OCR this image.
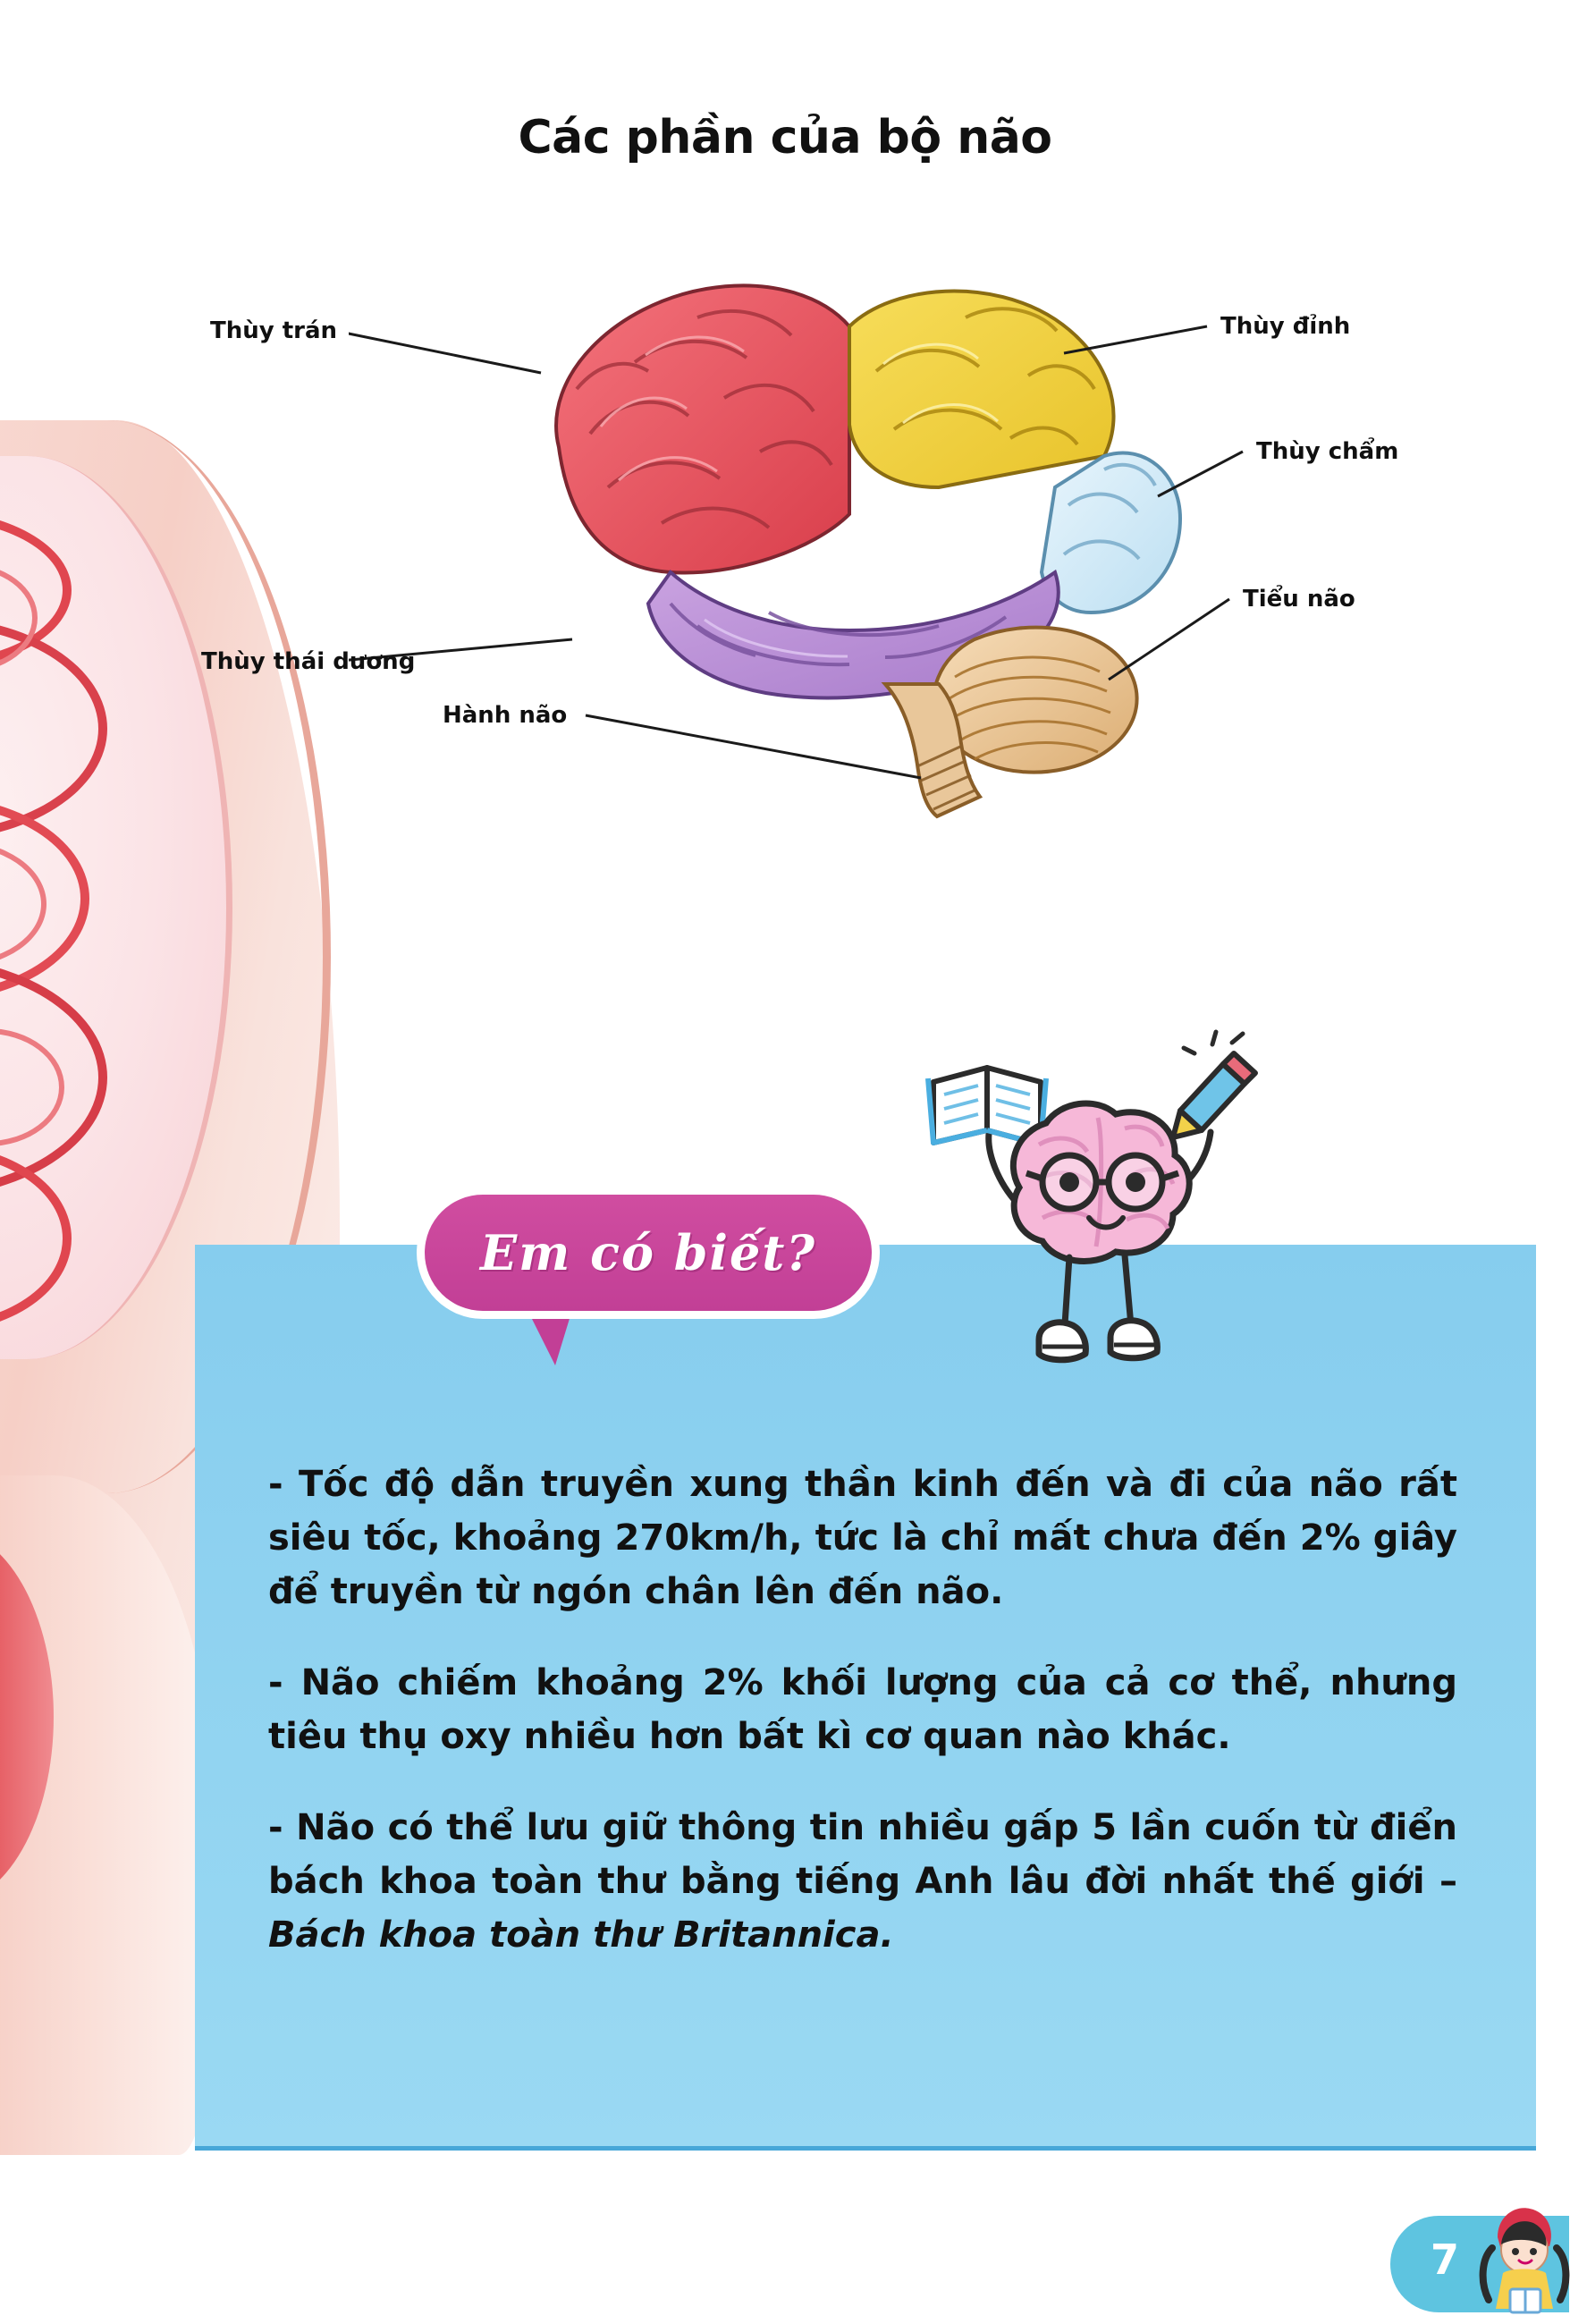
Các phần của bộ não
Thùy trán	Thùy đỉnh
Thùy chẩm
Thùy thái dương
Tiểu não
Hành não
Em có biết?
- Tốc độ dẫn truyền xung thần kinh đến và đi của não rất siêu tốc, khoảng 270km/h, tức là chỉ mất chưa đến 2% giây để truyền từ ngón chân lên đến não.
- Não chiếm khoảng 2% khối lượng của cả cơ thể, nhưng tiêu thụ oxy nhiều hơn bất kì cơ quan nào khác.
- Não có thể lưu giữ thông tin nhiều gấp 5 lần cuốn từ điển bách khoa toàn thư bằng tiếng Anh lâu đời nhất thế giới – Bách khoa toàn thư Britannica.
7
